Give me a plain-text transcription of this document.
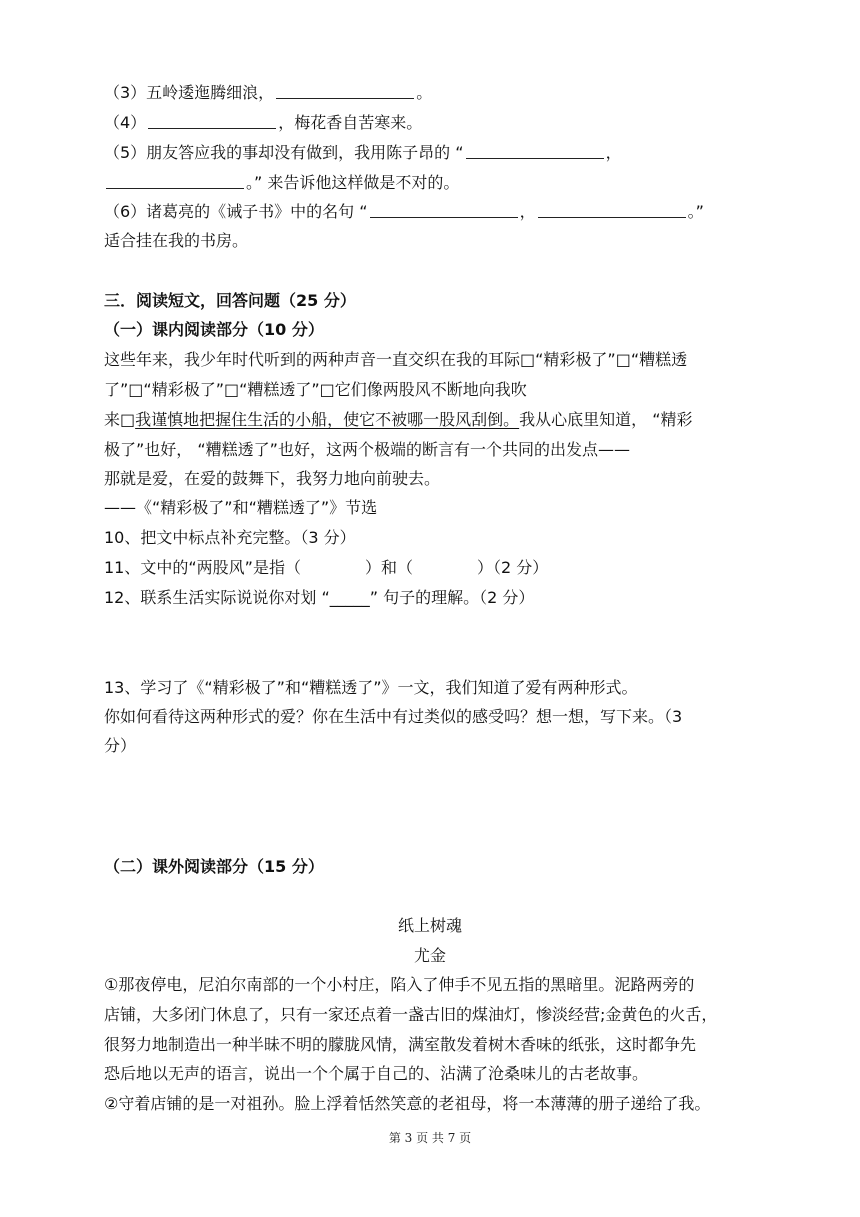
（3）五岭逶迤腾细浪，	。
（4）	，梅花香自苦寒来。
（5）朋友答应我的事却没有做到，我用陈子昂的 “	，
。” 来告诉他这样做是不对的。
（6）诸葛亮的《诫子书》中的名句 “	，	。”
适合挂在我的书房。
三．阅读短文，回答问题（25 分）
（一）课内阅读部分（10 分）
这些年来，我少年时代听到的两种声音一直交织在我的耳际□“精彩极了”□“糟糕透
了”□“精彩极了”□“糟糕透了”□它们像两股风不断地向我吹
来□我谨慎地把握住生活的小船，使它不被哪一股风刮倒。我从心底里知道， “精彩
极了”也好， “糟糕透了”也好，这两个极端的断言有一个共同的出发点——
那就是爱，在爱的鼓舞下，我努力地向前驶去。
——《“精彩极了”和“糟糕透了”》节选
10、把文中标点补充完整。（3 分）
11、文中的“两股风”是指（	）和（	）（2 分）
12、联系生活实际说说你对划 “_____” 句子的理解。（2 分）
13、学习了《“精彩极了”和“糟糕透了”》一文，我们知道了爱有两种形式。
你如何看待这两种形式的爱？你在生活中有过类似的感受吗？想一想，写下来。（3
分）
（二）课外阅读部分（15 分）
纸上树魂
尤金
①那夜停电，尼泊尔南部的一个小村庄，陷入了伸手不见五指的黑暗里。泥路两旁的
店铺，大多闭门休息了，只有一家还点着一盏古旧的煤油灯，惨淡经营;金黄色的火舌，
很努力地制造出一种半昧不明的朦胧风情，满室散发着树木香味的纸张，这时都争先
恐后地以无声的语言，说出一个个属于自己的、沾满了沧桑味儿的古老故事。
②守着店铺的是一对祖孙。脸上浮着恬然笑意的老祖母，将一本薄薄的册子递给了我。
第 3 页 共 7 页
